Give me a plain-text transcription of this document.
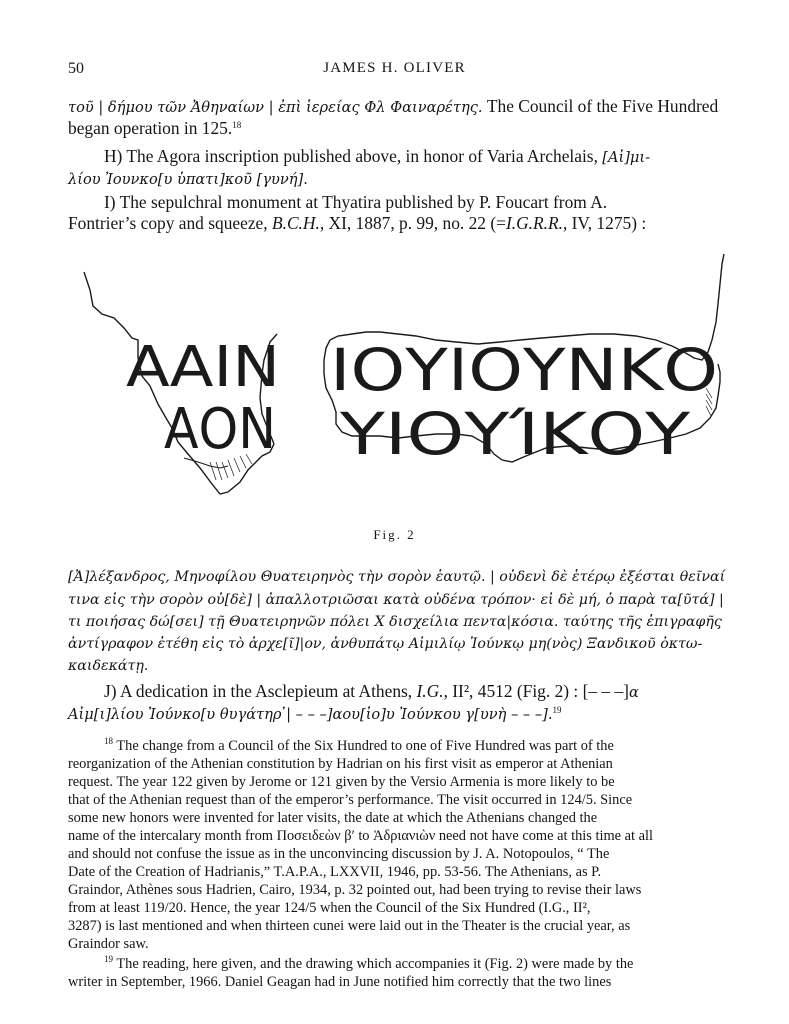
50	JAMES H. OLIVER
τοῦ | δήμου τῶν Ἀθηναίων | ἐπὶ ἱερείας Φλ Φαιναρέτης. The Council of the Five Hundred
began operation in 125.18
H) The Agora inscription published above, in honor of Varia Archelais, [Αἰ]μι-
λίου Ἰουνκο[υ ὑπατι]κοῦ [γυνή].
I) The sepulchral monument at Thyatira published by P. Foucart from A.
Fontrier’s copy and squeeze, B.C.H., XI, 1887, p. 99, no. 22 (=I.G.R.R., IV, 1275) :
ΑΑΙΝ
ΑΟΝ
ΙΟΥΙΟΥΝΚΟ
ΥΙΟΥΊΚΟΥ
Fig. 2
[Ἀ]λέξανδρος, Μηνοφίλου Θυατειρηνὸς τὴν σορὸν ἑαυτῷ. | οὐδενὶ δὲ ἑτέρῳ ἐξέσται θεῖναί
τινα εἰς τὴν σορὸν οὐ[δὲ] | ἀπαλλοτριῶσαι κατὰ οὐδένα τρόπον· εἰ δὲ μή, ὁ παρὰ τα[ῦτά] |
τι ποιήσας δώ[σει] τῇ Θυατειρηνῶν πόλει Χ δισχείλια πεντα|κόσια. ταύτης τῆς ἐπιγραφῆς
ἀντίγραφον ἐτέθη εἰς τὸ ἀρχε[ῖ]|ον, ἀνθυπάτῳ Αἰμιλίῳ Ἰούνκῳ μη(νὸς) Ξανδικοῦ ὀκτω-
καιδεκάτῃ.
J) A dedication in the Asclepieum at Athens, I.G., II², 4512 (Fig. 2) : [– – –]α
Αἰμ[ι]λίου Ἰούνκο[υ θυγάτηρ ̓| – – –]αου[ἰο]υ Ἰούνκου γ[υνὴ – – –].$^{19}$
$^{18}$ The change from a Council of the Six Hundred to one of Five Hundred was part of the
reorganization of the Athenian constitution by Hadrian on his first visit as emperor at Athenian
request. The year 122 given by Jerome or 121 given by the Versio Armenia is more likely to be
that of the Athenian request than of the emperor’s performance. The visit occurred in 124/5. Since
some new honors were invented for later visits, the date at which the Athenians changed the
name of the intercalary month from Ποσειδεὼν β′ to Ἁδριανιὼν need not have come at this time at all
and should not confuse the issue as in the unconvincing discussion by J. A. Notopoulos, “ The
Date of the Creation of Hadrianis,” T.A.P.A., LXXVII, 1946, pp. 53-56. The Athenians, as P.
Graindor, Athènes sous Hadrien, Cairo, 1934, p. 32 pointed out, had been trying to revise their laws
from at least 119/20. Hence, the year 124/5 when the Council of the Six Hundred (I.G., II²,
3287) is last mentioned and when thirteen cunei were laid out in the Theater is the crucial year, as
Graindor saw.
$^{19}$ The reading, here given, and the drawing which accompanies it (Fig. 2) were made by the
writer in September, 1966. Daniel Geagan had in June notified him correctly that the two lines
